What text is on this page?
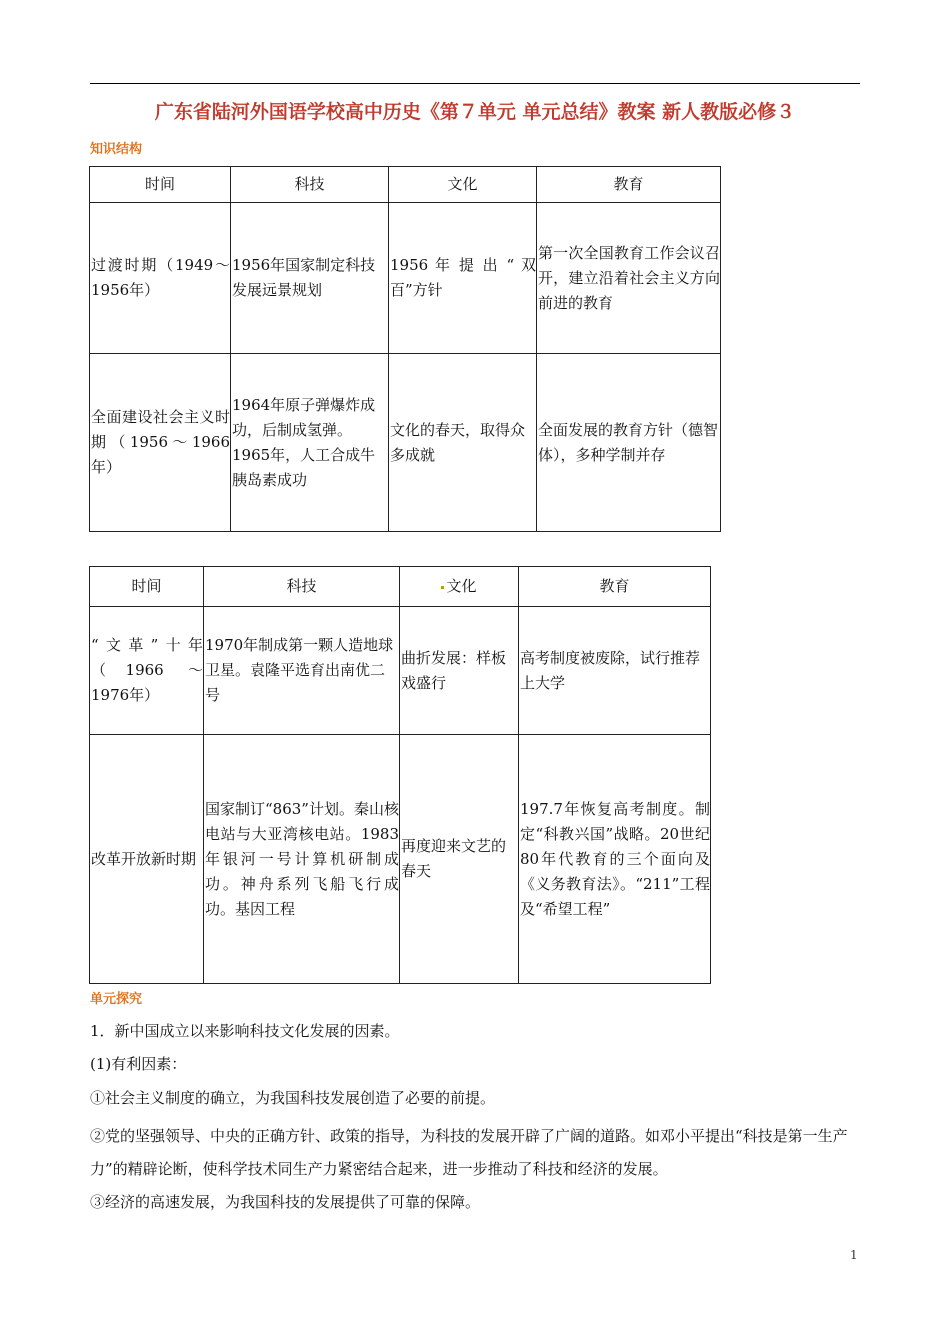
广东省陆河外国语学校高中历史《第７单元 单元总结》教案 新人教版必修３
知识结构
时间	科技	文化	教育

过渡时期（1949～1956年）	1956年国家制定科技发展远景规划	1956 年 提 出 “ 双百”方针	第一次全国教育工作会议召开，建立沿着社会主义方向前进的教育

全面建设社会主义时期（1956～1966年）	1964年原子弹爆炸成功，后制成氢弹。1965年，人工合成牛胰岛素成功	文化的春天，取得众多成就	全面发展的教育方针（德智体），多种学制并存
时间	科技	文化	教育

“文革”十年（1966 ～ 1976年）	1970年制成第一颗人造地球卫星。袁隆平选育出南优二号	曲折发展：样板戏盛行	高考制度被废除，试行推荐上大学

改革开放新时期	国家制订“863”计划。秦山核电站与大亚湾核电站。1983年银河一号计算机研制成功。神舟系列飞船飞行成功。基因工程	再度迎来文艺的春天	197.7年恢复高考制度。制定“科教兴国”战略。20世纪80年代教育的三个面向及《义务教育法》。“211”工程及“希望工程”
单元探究
1．新中国成立以来影响科技文化发展的因素。
(1)有利因素：
①社会主义制度的确立，为我国科技发展创造了必要的前提。
②党的坚强领导、中央的正确方针、政策的指导，为科技的发展开辟了广阔的道路。如邓小平提出“科技是第一生产力”的精辟论断，使科学技术同生产力紧密结合起来，进一步推动了科技和经济的发展。
③经济的高速发展，为我国科技的发展提供了可靠的保障。
1
